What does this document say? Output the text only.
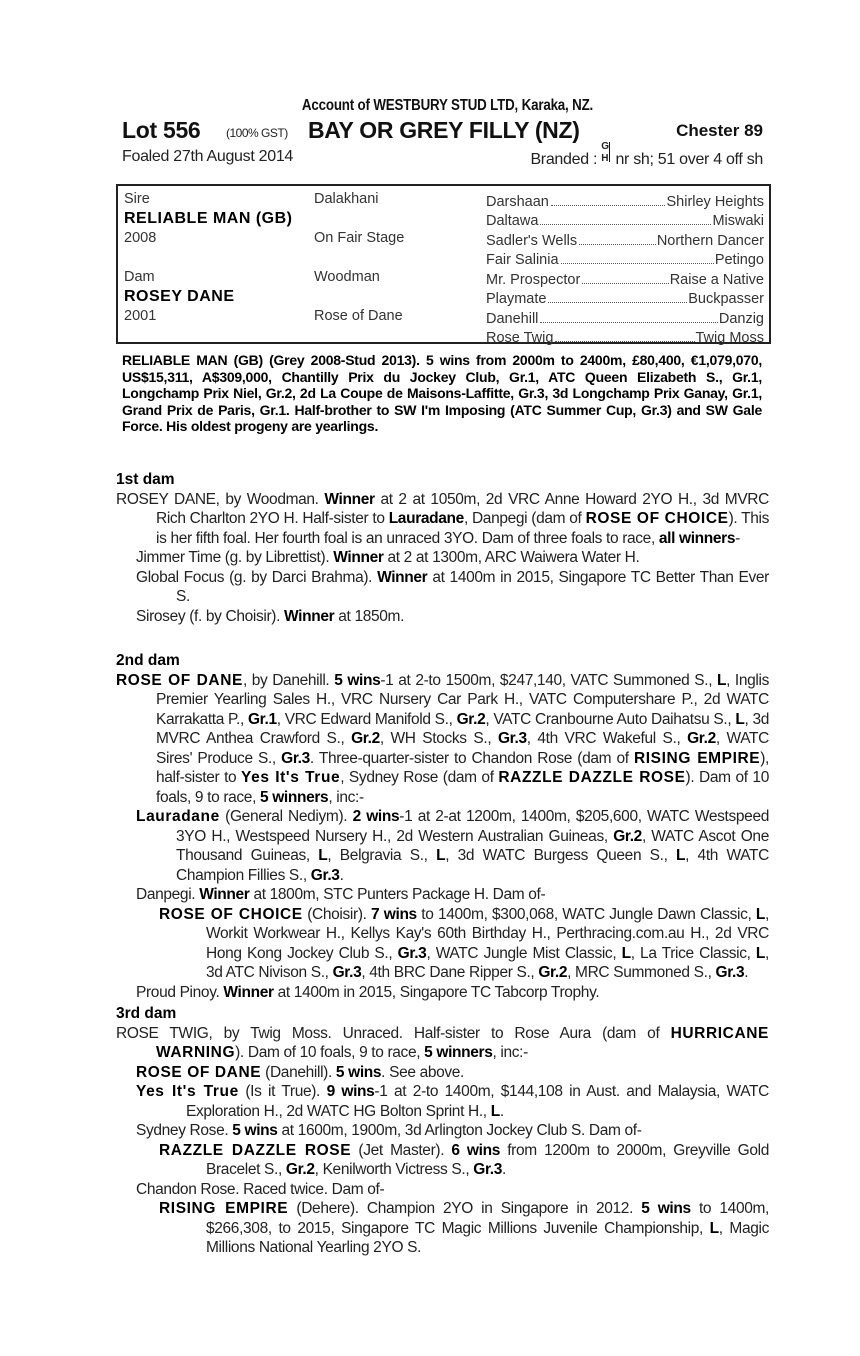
Account of WESTBURY STUD LTD, Karaka, NZ.
Lot 556 (100% GST) BAY OR GREY FILLY (NZ)	Chester 89
Foaled 27th August 2014	Branded :
G
H nr sh; 51 over 4 off sh
Sire	Dalakhani
RELIABLE MAN (GB)
2008	On Fair Stage
Dam	Woodman
ROSEY DANE
2001	Rose of Dane
Darshaan	Shirley Heights
Daltawa	Miswaki
Sadler's Wells	Northern Dancer
Fair Salinia	Petingo
Mr. Prospector	Raise a Native
Playmate	Buckpasser
Danehill	Danzig
Rose Twig	Twig Moss
RELIABLE MAN (GB) (Grey 2008-Stud 2013). 5 wins from 2000m to 2400m, £80,400, €1,079,070, US$15,311, A$309,000, Chantilly Prix du Jockey Club, Gr.1, ATC Queen Elizabeth S., Gr.1, Longchamp Prix Niel, Gr.2, 2d La Coupe de Maisons-Laffitte, Gr.3, 3d Longchamp Prix Ganay, Gr.1, Grand Prix de Paris, Gr.1. Half-brother to SW I'm Imposing (ATC Summer Cup, Gr.3) and SW Gale Force. His oldest progeny are yearlings.
1st dam
ROSEY DANE, by Woodman. Winner at 2 at 1050m, 2d VRC Anne Howard 2YO H., 3d MVRC Rich Charlton 2YO H. Half-sister to Lauradane, Danpegi (dam of ROSE OF CHOICE). This is her fifth foal. Her fourth foal is an unraced 3YO. Dam of three foals to race, all winners-
Jimmer Time (g. by Librettist). Winner at 2 at 1300m, ARC Waiwera Water H.
Global Focus (g. by Darci Brahma). Winner at 1400m in 2015, Singapore TC Better Than Ever S.
Sirosey (f. by Choisir). Winner at 1850m.
2nd dam
ROSE OF DANE, by Danehill. 5 wins-1 at 2-to 1500m, $247,140, VATC Summoned S., L, Inglis Premier Yearling Sales H., VRC Nursery Car Park H., VATC Computershare P., 2d WATC Karrakatta P., Gr.1, VRC Edward Manifold S., Gr.2, VATC Cranbourne Auto Daihatsu S., L, 3d MVRC Anthea Crawford S., Gr.2, WH Stocks S., Gr.3, 4th VRC Wakeful S., Gr.2, WATC Sires' Produce S., Gr.3. Three-quarter-sister to Chandon Rose (dam of RISING EMPIRE), half-sister to Yes It's True, Sydney Rose (dam of RAZZLE DAZZLE ROSE). Dam of 10 foals, 9 to race, 5 winners, inc:-
Lauradane (General Nediym). 2 wins-1 at 2-at 1200m, 1400m, $205,600, WATC Westspeed 3YO H., Westspeed Nursery H., 2d Western Australian Guineas, Gr.2, WATC Ascot One Thousand Guineas, L, Belgravia S., L, 3d WATC Burgess Queen S., L, 4th WATC Champion Fillies S., Gr.3.
Danpegi. Winner at 1800m, STC Punters Package H. Dam of-
ROSE OF CHOICE (Choisir). 7 wins to 1400m, $300,068, WATC Jungle Dawn Classic, L, Workit Workwear H., Kellys Kay's 60th Birthday H., Perthracing.com.au H., 2d VRC Hong Kong Jockey Club S., Gr.3, WATC Jungle Mist Classic, L, La Trice Classic, L, 3d ATC Nivison S., Gr.3, 4th BRC Dane Ripper S., Gr.2, MRC Summoned S., Gr.3.
Proud Pinoy. Winner at 1400m in 2015, Singapore TC Tabcorp Trophy.
3rd dam
ROSE TWIG, by Twig Moss. Unraced. Half-sister to Rose Aura (dam of HURRICANE WARNING). Dam of 10 foals, 9 to race, 5 winners, inc:-
ROSE OF DANE (Danehill). 5 wins. See above.
Yes It's True (Is it True). 9 wins-1 at 2-to 1400m, $144,108 in Aust. and Malaysia, WATC Exploration H., 2d WATC HG Bolton Sprint H., L.
Sydney Rose. 5 wins at 1600m, 1900m, 3d Arlington Jockey Club S. Dam of-
RAZZLE DAZZLE ROSE (Jet Master). 6 wins from 1200m to 2000m, Greyville Gold Bracelet S., Gr.2, Kenilworth Victress S., Gr.3.
Chandon Rose. Raced twice. Dam of-
RISING EMPIRE (Dehere). Champion 2YO in Singapore in 2012. 5 wins to 1400m, $266,308, to 2015, Singapore TC Magic Millions Juvenile Championship, L, Magic Millions National Yearling 2YO S.
